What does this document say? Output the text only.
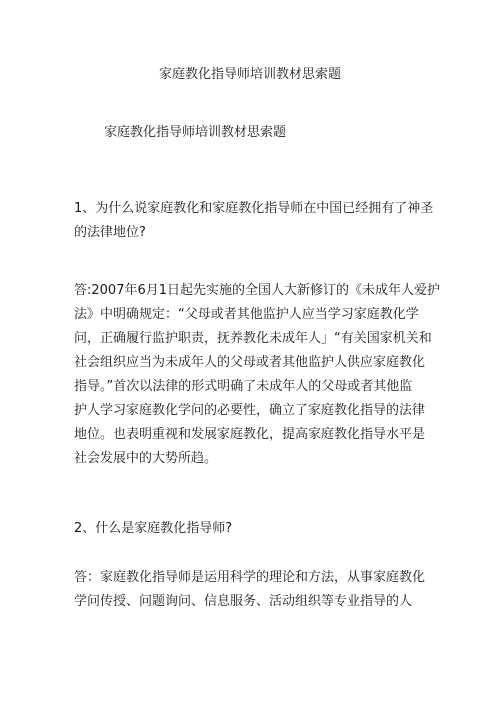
家庭教化指导师培训教材思索题
家庭教化指导师培训教材思索题
1、为什么说家庭教化和家庭教化指导师在中国已经拥有了神圣
的法律地位?
答:2007年6月1日起先实施的全国人大新修订的《未成年人爱护
法》中明确规定：“父母或者其他监护人应当学习家庭教化学
问，正确履行监护职责，抚养教化未成年人」“有关国家机关和
社会组织应当为未成年人的父母或者其他监护人供应家庭教化
指导。”首次以法律的形式明确了未成年人的父母或者其他监
护人学习家庭教化学问的必要性，确立了家庭教化指导的法律
地位。也表明重视和发展家庭教化，提高家庭教化指导水平是
社会发展中的大势所趋。
2、什么是家庭教化指导师?
答：家庭教化指导师是运用科学的理论和方法，从事家庭教化
学问传授、问题询问、信息服务、活动组织等专业指导的人
